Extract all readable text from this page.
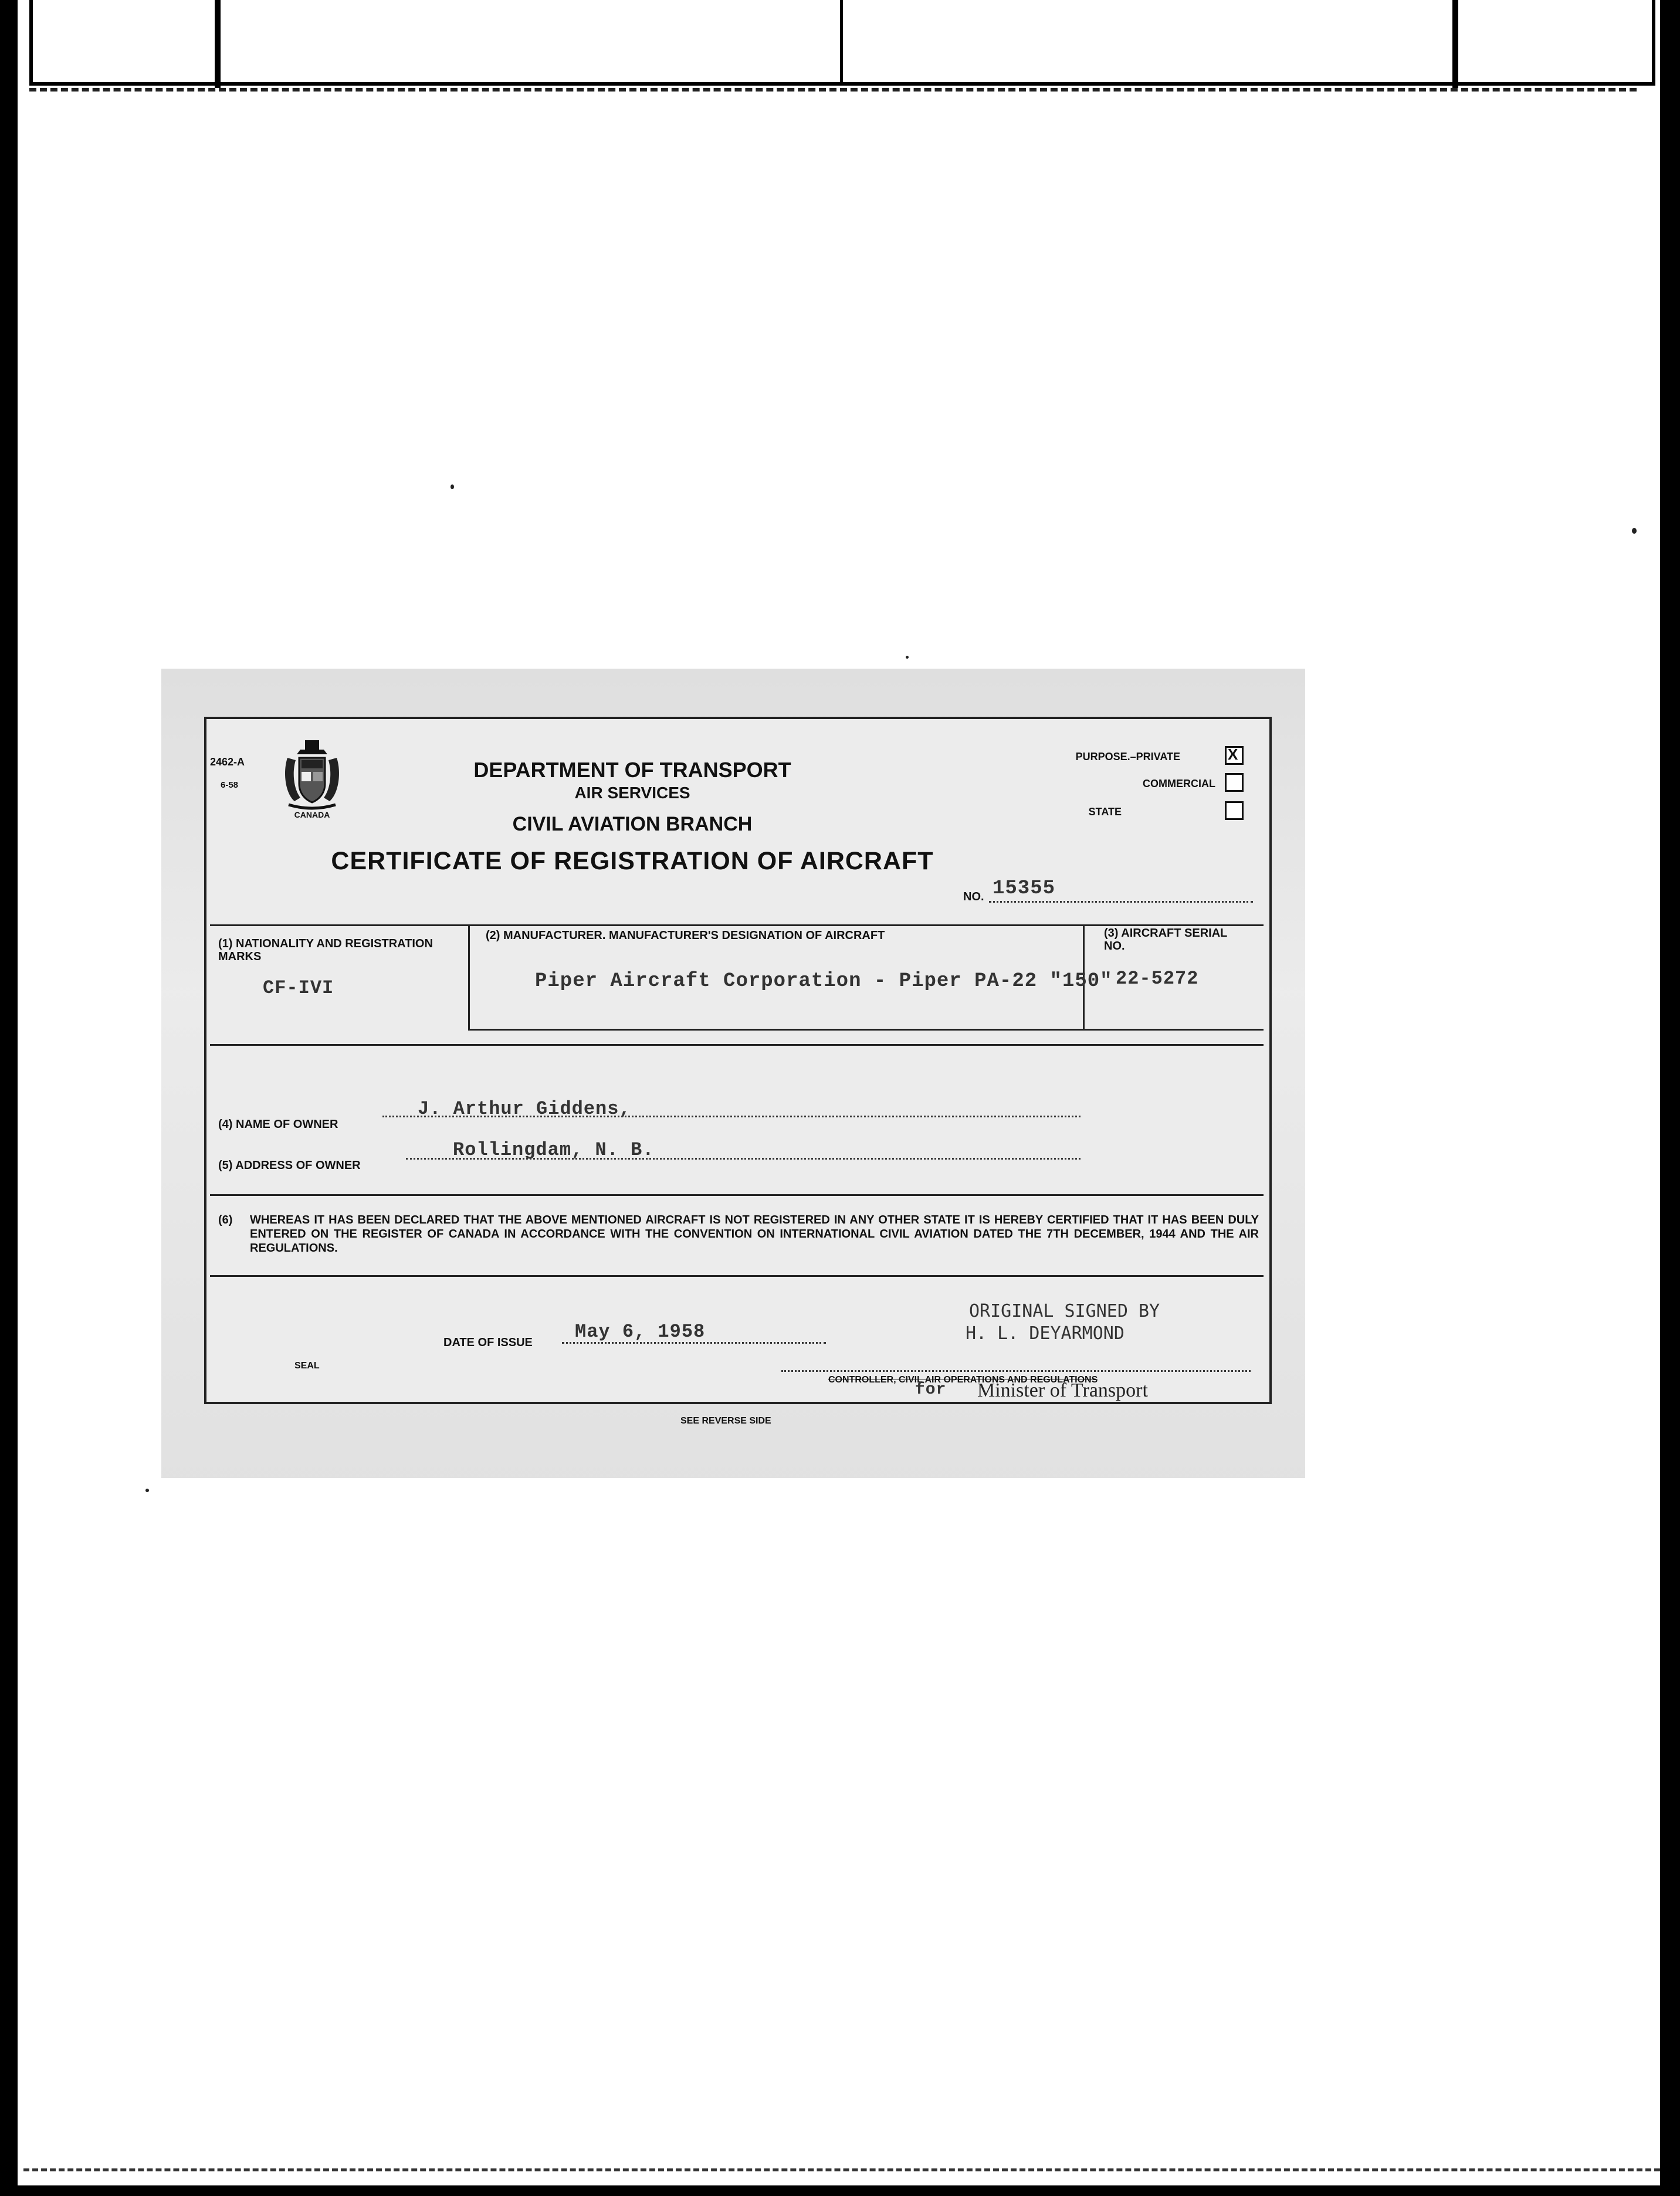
2462-A
6-58
CANADA
DEPARTMENT OF TRANSPORT
AIR SERVICES
CIVIL AVIATION BRANCH
CERTIFICATE OF REGISTRATION OF AIRCRAFT
PURPOSE.–PRIVATE	X
COMMERCIAL
STATE
NO. 15355
(1) NATIONALITY AND REGISTRATION MARKS
CF-IVI
(2) MANUFACTURER. MANUFACTURER'S DESIGNATION OF AIRCRAFT
Piper Aircraft Corporation - Piper PA-22 "150"
(3) AIRCRAFT SERIAL NO.
22-5272
(4) NAME OF OWNER
J. Arthur Giddens,
(5) ADDRESS OF OWNER
Rollingdam, N. B.
(6)	WHEREAS IT HAS BEEN DECLARED THAT THE ABOVE MENTIONED AIRCRAFT IS NOT REGISTERED IN ANY OTHER STATE IT IS HEREBY CERTIFIED THAT IT HAS BEEN DULY ENTERED ON THE REGISTER OF CANADA IN ACCORDANCE WITH THE CONVENTION ON INTERNATIONAL CIVIL AVIATION DATED THE 7TH DECEMBER, 1944 AND THE AIR REGULATIONS.
ORIGINAL SIGNED BY
H. L. DEYARMOND
DATE OF ISSUE May 6, 1958
SEAL
CONTROLLER, CIVIL AIR OPERATIONS AND REGULATIONS
for Minister of Transport
SEE REVERSE SIDE
